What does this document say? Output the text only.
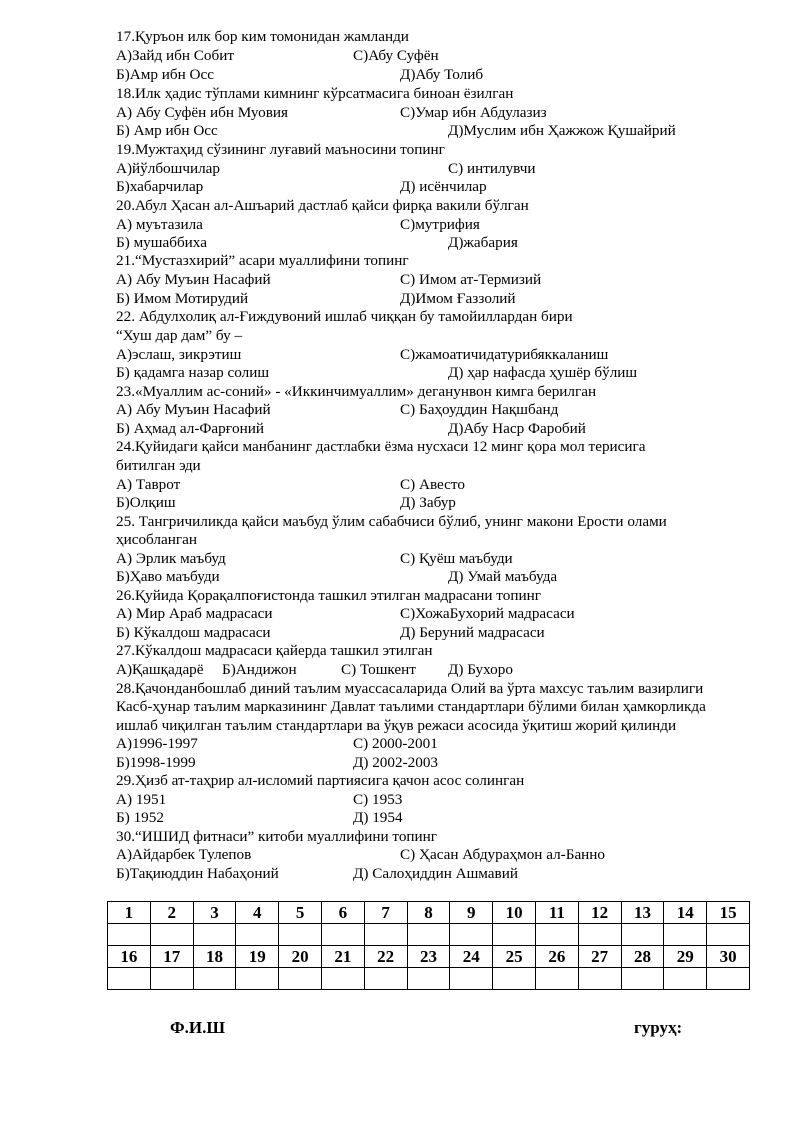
17.Қуръон илк бор ким томонидан жамланди
А)Зайд ибн Собит	С)Абу Суфён
Б)Амр ибн Осс	Д)Абу Толиб
18.Илк ҳадис тўплами кимнинг кўрсатмасига биноан ёзилган
А) Абу Суфён ибн Муовия	С)Умар ибн Абдулазиз
Б) Амр ибн Осс	Д)Муслим ибн Ҳажжож Қушайрий
19.Мужтаҳид сўзининг луғавий маъносини топинг
А)йўлбошчилар	С) интилувчи
Б)хабарчилар	Д) исёнчилар
20.Абул Ҳасан ал-Ашъарий дастлаб қайси фирқа вакили бўлган
А) муътазила	С)мутрифия
Б) мушаббиха	Д)жабария
21.“Мустазхирий” асари муаллифини топинг
А) Абу Муъин Насафий	С) Имом ат-Термизий
Б) Имом Мотирудий	Д)Имом Ғаззолий
22. Абдулхолиқ ал-Ғиждувоний ишлаб чиққан бу тамойиллардан бири
“Хуш дар дам” бу –
А)эслаш, зикрэтиш	С)жамоатичидатурибяккаланиш
Б) қадамга назар солиш	Д) ҳар нафасда ҳушёр бўлиш
23.«Муаллим ас-соний» - «Иккинчимуаллим» деганунвон кимга берилган
А) Абу Муъин Насафий	С) Баҳоуддин Нақшбанд
Б) Аҳмад ал-Фарғоний	Д)Абу Наср Фаробий
24.Қуйидаги қайси манбанинг дастлабки ёзма нусхаси 12 минг қора мол терисига
битилган эди
А) Таврот	С) Авесто
Б)Олқиш	Д) Забур
25. Тангричиликда қайси маъбуд ўлим сабабчиси бўлиб, унинг макони Ерости олами
ҳисобланган
А) Эрлик маъбуд	С) Қуёш маъбуди
Б)Ҳаво маъбуди	Д) Умай маъбуда
26.Қуйида Қорақалпоғистонда ташкил этилган мадрасани топинг
А) Мир Араб мадрасаси	С)ХожаБухорий мадрасаси
Б) Кўкалдош мадрасаси	Д) Беруний мадрасаси
27.Кўкалдош мадрасаси қайерда ташкил этилган
А)Қашқадарё Б)Андижон	С) Тошкент Д) Бухоро
28.Қачонданбошлаб диний таълим муассасаларида Олий ва ўрта махсус таълим вазирлиги
Касб-ҳунар таълим марказининг Давлат таълими стандартлари бўлими билан ҳамкорликда
ишлаб чиқилган таълим стандартлари ва ўқув режаси асосида ўқитиш жорий қилинди
А)1996-1997	С) 2000-2001
Б)1998-1999	Д) 2002-2003
29.Ҳизб ат-таҳрир ал-исломий партиясига қачон асос солинган
А) 1951	С) 1953
Б) 1952	Д) 1954
30.“ИШИД фитнаси” китоби муаллифини топинг
А)Айдарбек Тулепов	С) Ҳасан Абдураҳмон ал-Банно
Б)Тақиюддин Набаҳоний	Д) Салоҳиддин Ашмавий
1	2	3	4	5	6	7	8	9	10	11	12	13	14	15

16	17	18	19	20	21	22	23	24	25	26	27	28	29	30

Ф.И.Ш	гуруҳ:
